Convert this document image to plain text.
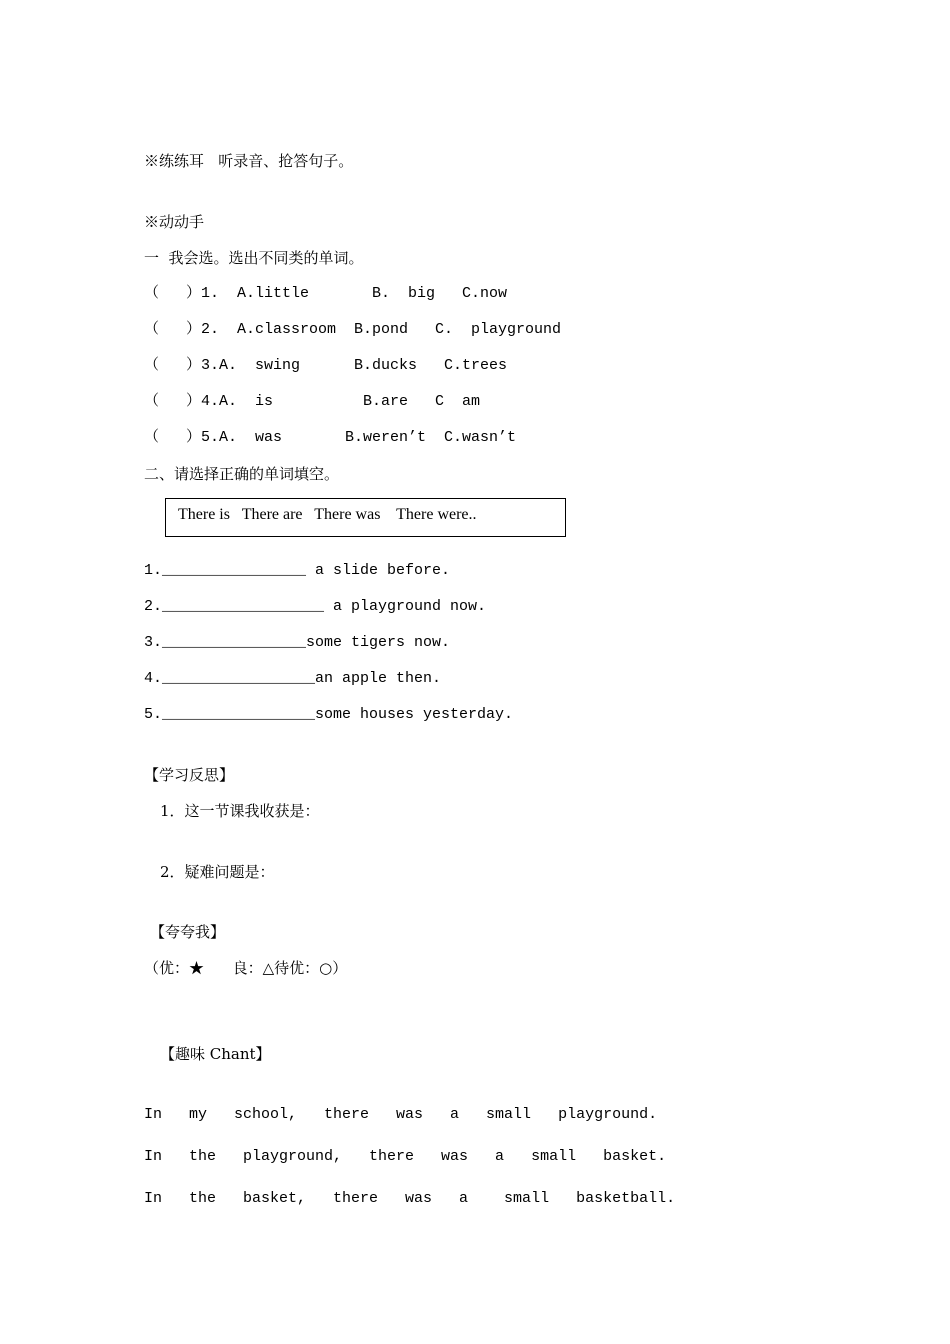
※练练耳   听录音、抢答句子。
※动动手
一  我会选。选出不同类的单词。
（   ）1.  A.little       B.  big   C.now
（   ）2.  A.classroom  B.pond   C.  playground
（   ）3.A.  swing      B.ducks   C.trees
（   ）4.A.  is          B.are   C  am
（   ）5.A.  was       B.weren’t  C.wasn’t
二、请选择正确的单词填空。
There is   There are   There was    There were..
1.________________ a slide before.
2.__________________ a playground now.
3.________________some tigers now.
4._________________an apple then.
5._________________some houses yesterday.
【学习反思】
1．这一节课我收获是：
2．疑难问题是：
【夸夸我】
（优：★      良：△待优：○）
【趣味 Chant】
In   my   school,   there   was   a   small   playground.
In   the   playground,   there   was   a   small   basket.
In   the   basket,   there   was   a    small   basketball.
